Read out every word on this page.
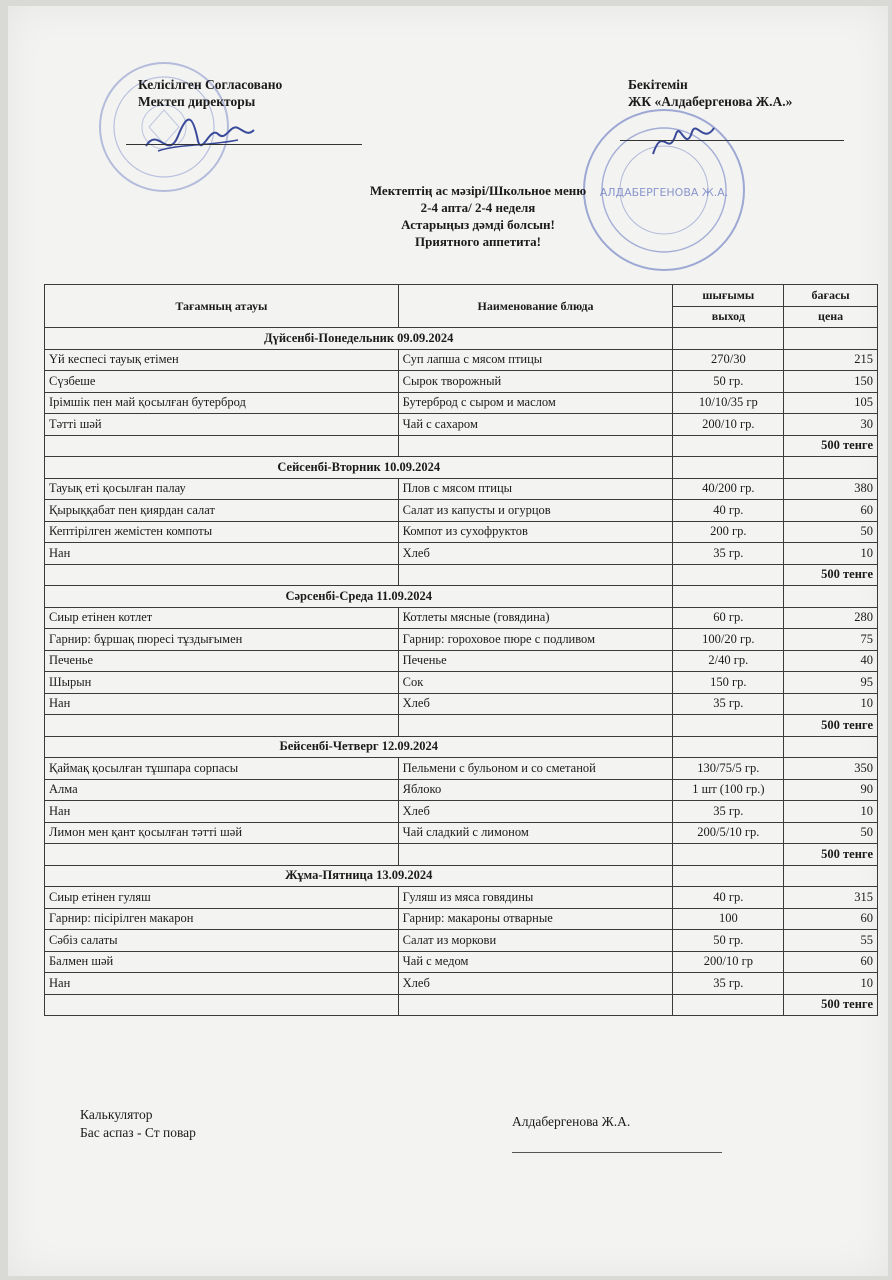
АЛДАБЕРГЕНОВА Ж.А.
Келісілген Согласовано
Мектеп директоры
Бекітемін
ЖК «Алдабергенова Ж.А.»
Мектептің ас мәзірі/Школьное меню
2-4 апта/ 2-4 неделя
Астарыңыз дәмді болсын!
Приятного аппетита!
Тағамның атауы	Наименование блюда	шығымы	бағасы
		выход	цена
Дүйсенбі-Понедельник 09.09.2024			
Үй кеспесі тауық етімен	Суп лапша с мясом птицы	270/30	215
Сүзбеше	Сырок творожный	50 гр.	150
Ірімшік пен май қосылған бутерброд	Бутерброд с сыром и маслом	10/10/35 гр	105
Тәтті шәй	Чай с сахаром	200/10 гр.	30
			500 тенге
Сейсенбі-Вторник 10.09.2024			
Тауық еті қосылған палау	Плов с мясом птицы	40/200 гр.	380
Қырыққабат пен қиярдан салат	Салат из капусты и огурцов	40 гр.	60
Кептірілген жемістен компоты	Компот из сухофруктов	200 гр.	50
Нан	Хлеб	35 гр.	10
			500 тенге
Сәрсенбі-Среда 11.09.2024			
Сиыр етінен котлет	Котлеты мясные (говядина)	60 гр.	280
Гарнир: бұршақ пюресі тұздығымен	Гарнир: гороховое пюре с подливом	100/20 гр.	75
Печенье	Печенье	2/40 гр.	40
Шырын	Сок	150 гр.	95
Нан	Хлеб	35 гр.	10
			500 тенге
Бейсенбі-Четверг 12.09.2024			
Қаймақ қосылған тұшпара сорпасы	Пельмени с бульоном и со сметаной	130/75/5 гр.	350
Алма	Яблоко	1 шт (100 гр.)	90
Нан	Хлеб	35 гр.	10
Лимон мен қант қосылған тәтті шәй	Чай сладкий с лимоном	200/5/10 гр.	50
			500 тенге
Жұма-Пятница 13.09.2024			
Сиыр етінен гуляш	Гуляш из мяса говядины	40 гр.	315
Гарнир: пісірілген макарон	Гарнир: макароны отварные	100	60
Сәбіз салаты	Салат из моркови	50 гр.	55
Балмен шәй	Чай с медом	200/10 гр	60
Нан	Хлеб	35 гр.	10
			500 тенге
Калькулятор
Бас аспаз - Ст повар
Алдабергенова Ж.А.
